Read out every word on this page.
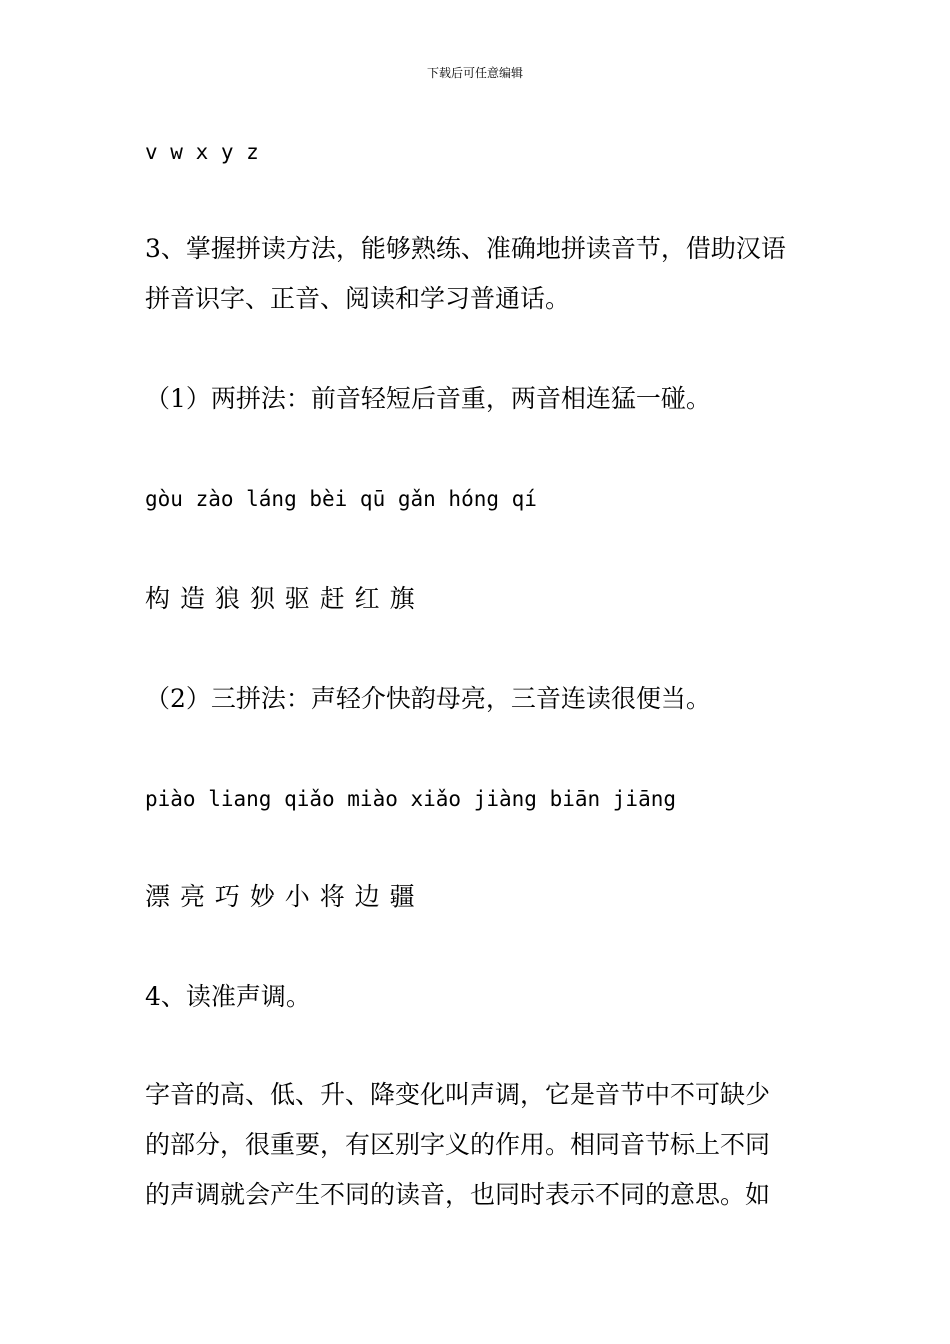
下载后可任意编辑
v w x y z
3、掌握拼读方法，能够熟练、准确地拼读音节，借助汉语
拼音识字、正音、阅读和学习普通话。
（1）两拼法：前音轻短后音重，两音相连猛一碰。
gòu zào láng bèi qū gǎn hóng qí
构 造 狼 狈 驱 赶 红 旗
（2）三拼法：声轻介快韵母亮，三音连读很便当。
piào liang qiǎo miào xiǎo jiàng biān jiāng
漂 亮 巧 妙 小 将 边 疆
4、读准声调。
字音的高、低、升、降变化叫声调，它是音节中不可缺少
的部分，很重要，有区别字义的作用。相同音节标上不同
的声调就会产生不同的读音，也同时表示不同的意思。如
